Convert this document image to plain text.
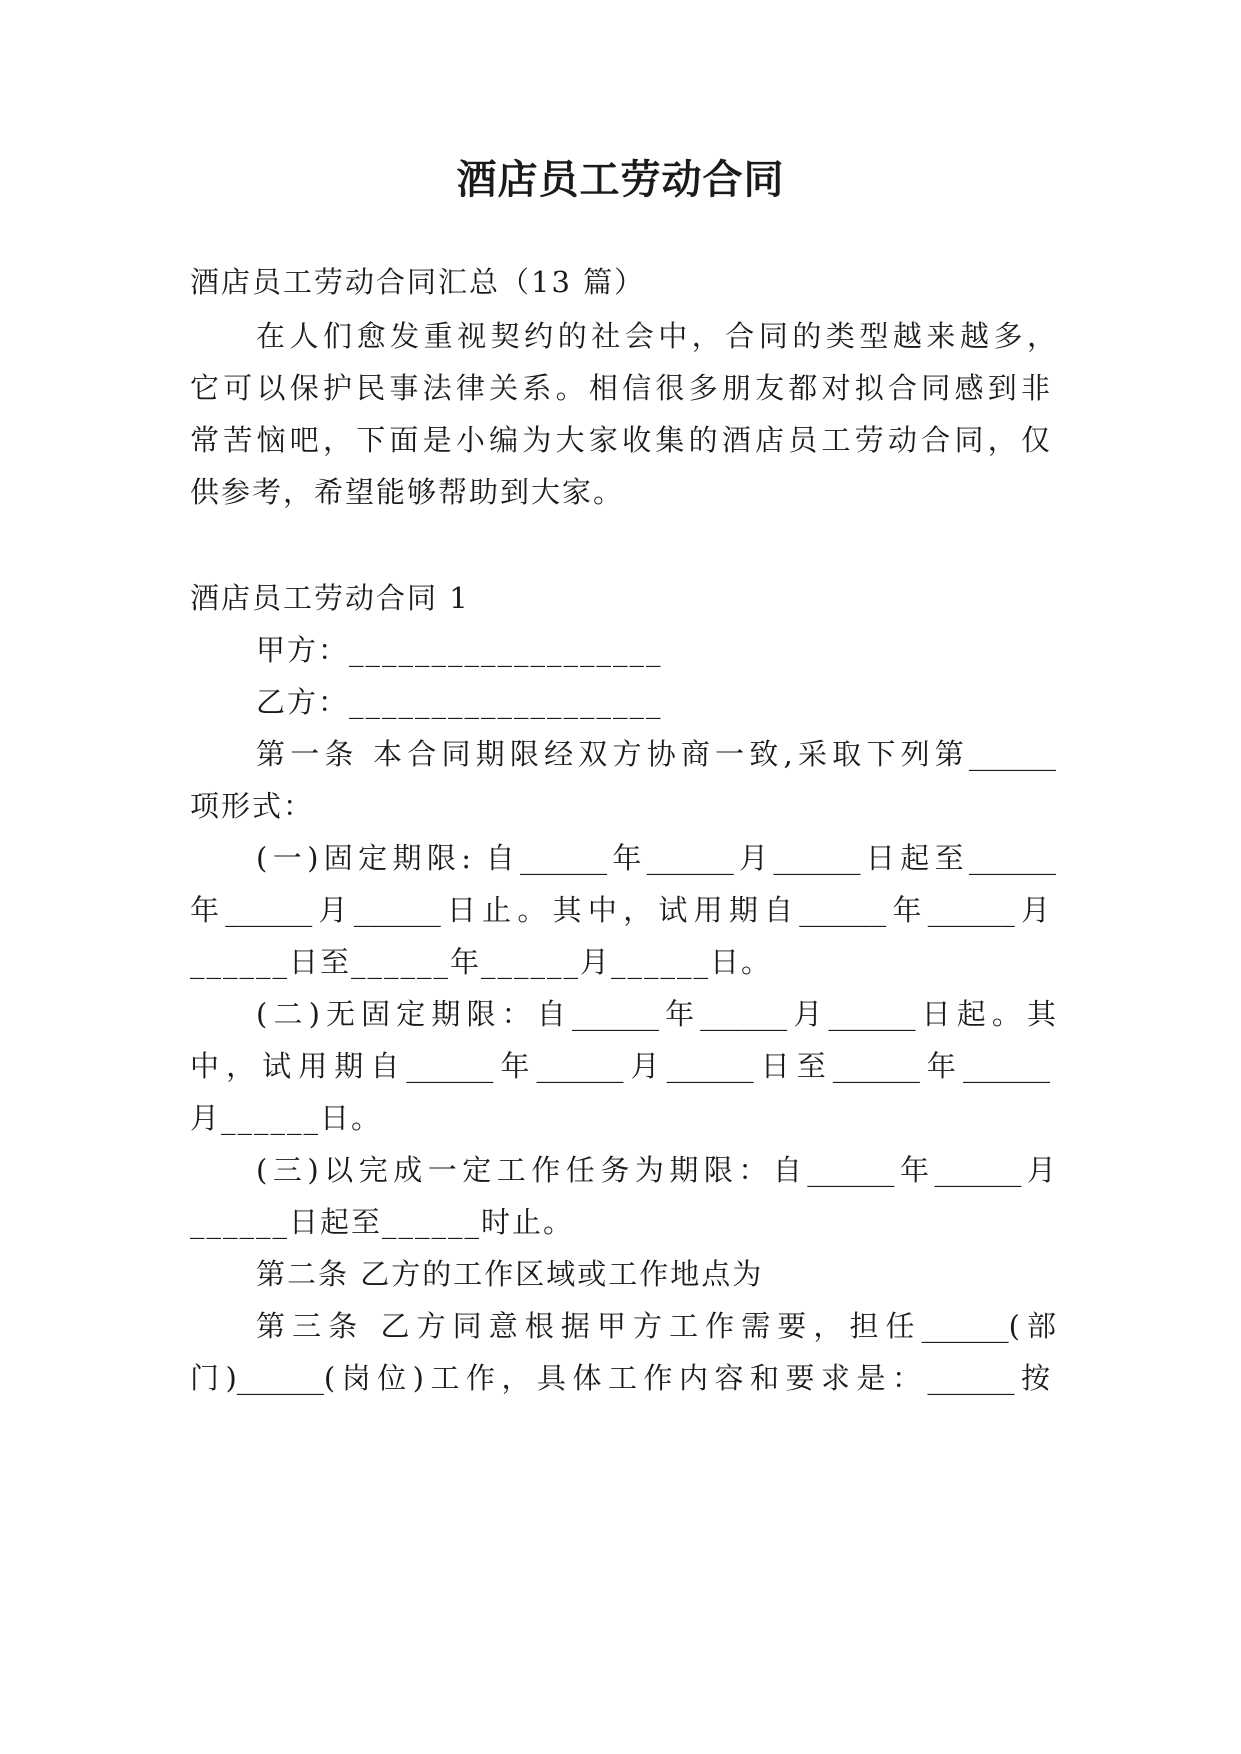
酒店员工劳动合同
酒店员工劳动合同汇总（13 篇）
在人们愈发重视契约的社会中，合同的类型越来越多，
它可以保护民事法律关系。相信很多朋友都对拟合同感到非
常苦恼吧，下面是小编为大家收集的酒店员工劳动合同，仅
供参考，希望能够帮助到大家。
酒店员工劳动合同 1
甲方：___________________
乙方：___________________
第一条 本合同期限经双方协商一致,采取下列第______
项形式：
(一)固定期限: 自______年______月______日起至______
年______月______日止。其中，试用期自______年______月
______日至______年______月______日。
(二)无固定期限：自______年______月______日起。其
中，试用期自______年______月______日至______年______
月______日。
(三)以完成一定工作任务为期限：自______年______月
______日起至______时止。
第二条 乙方的工作区域或工作地点为
第三条 乙方同意根据甲方工作需要，担任______(部
门)______(岗位)工作，具体工作内容和要求是：______按
